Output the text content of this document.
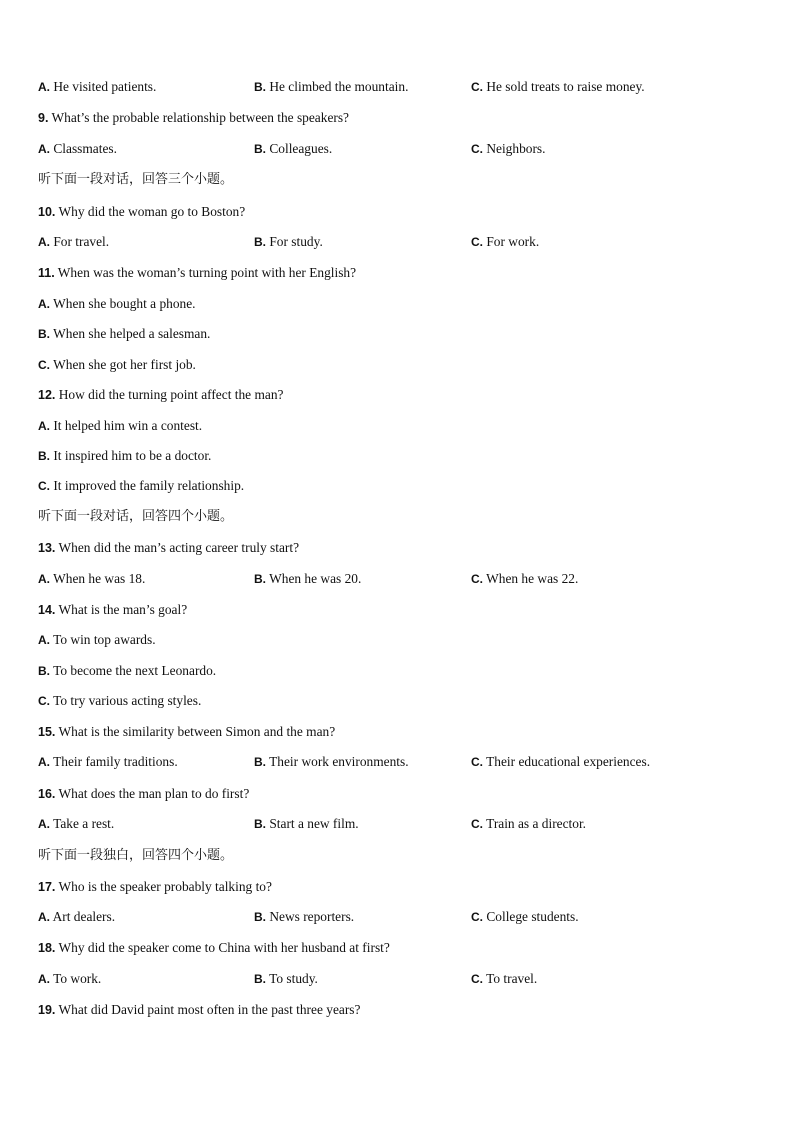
A. He visited patients.	B. He climbed the mountain.	C. He sold treats to raise money.
9. What’s the probable relationship between the speakers?
A. Classmates.	B. Colleagues.	C. Neighbors.
听下面一段对话，回答三个小题。
10. Why did the woman go to Boston?
A. For travel.	B. For study.	C. For work.
11. When was the woman’s turning point with her English?
A. When she bought a phone.
B. When she helped a salesman.
C. When she got her first job.
12. How did the turning point affect the man?
A. It helped him win a contest.
B. It inspired him to be a doctor.
C. It improved the family relationship.
听下面一段对话，回答四个小题。
13. When did the man’s acting career truly start?
A. When he was 18.	B. When he was 20.	C. When he was 22.
14. What is the man’s goal?
A. To win top awards.
B. To become the next Leonardo.
C. To try various acting styles.
15. What is the similarity between Simon and the man?
A. Their family traditions.	B. Their work environments.	C. Their educational experiences.
16. What does the man plan to do first?
A. Take a rest.	B. Start a new film.	C. Train as a director.
听下面一段独白，回答四个小题。
17. Who is the speaker probably talking to?
A. Art dealers.	B. News reporters.	C. College students.
18. Why did the speaker come to China with her husband at first?
A. To work.	B. To study.	C. To travel.
19. What did David paint most often in the past three years?
